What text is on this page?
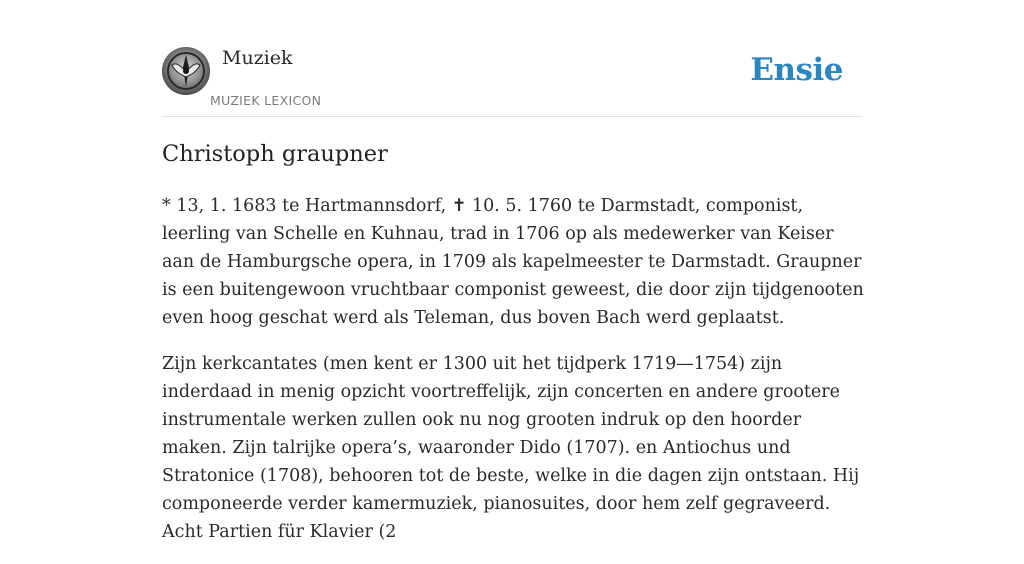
Muziek
MUZIEK LEXICON
Ensie
Christoph graupner

* 13, 1. 1683 te Hartmannsdorf, ✝ 10. 5. 1760 te Darmstadt, componist, leerling van Schelle en Kuhnau, trad in 1706 op als medewerker van Keiser aan de Hamburgsche opera, in 1709 als kapelmeester te Darmstadt. Graupner is een buitengewoon vruchtbaar componist geweest, die door zijn tijdgenooten even hoog geschat werd als Teleman, dus boven Bach werd geplaatst.

Zijn kerkcantates (men kent er 1300 uit het tijdperk 1719—1754) zijn inderdaad in menig opzicht voortreffelijk, zijn concerten en andere grootere instrumentale werken zullen ook nu nog grooten indruk op den hoorder maken. Zijn talrijke opera’s, waaronder Dido (1707). en Antiochus und Stratonice (1708), behooren tot de beste, welke in die dagen zijn ontstaan. Hij componeerde verder kamermuziek, pianosuites, door hem zelf gegraveerd. Acht Partien für Klavier (2
